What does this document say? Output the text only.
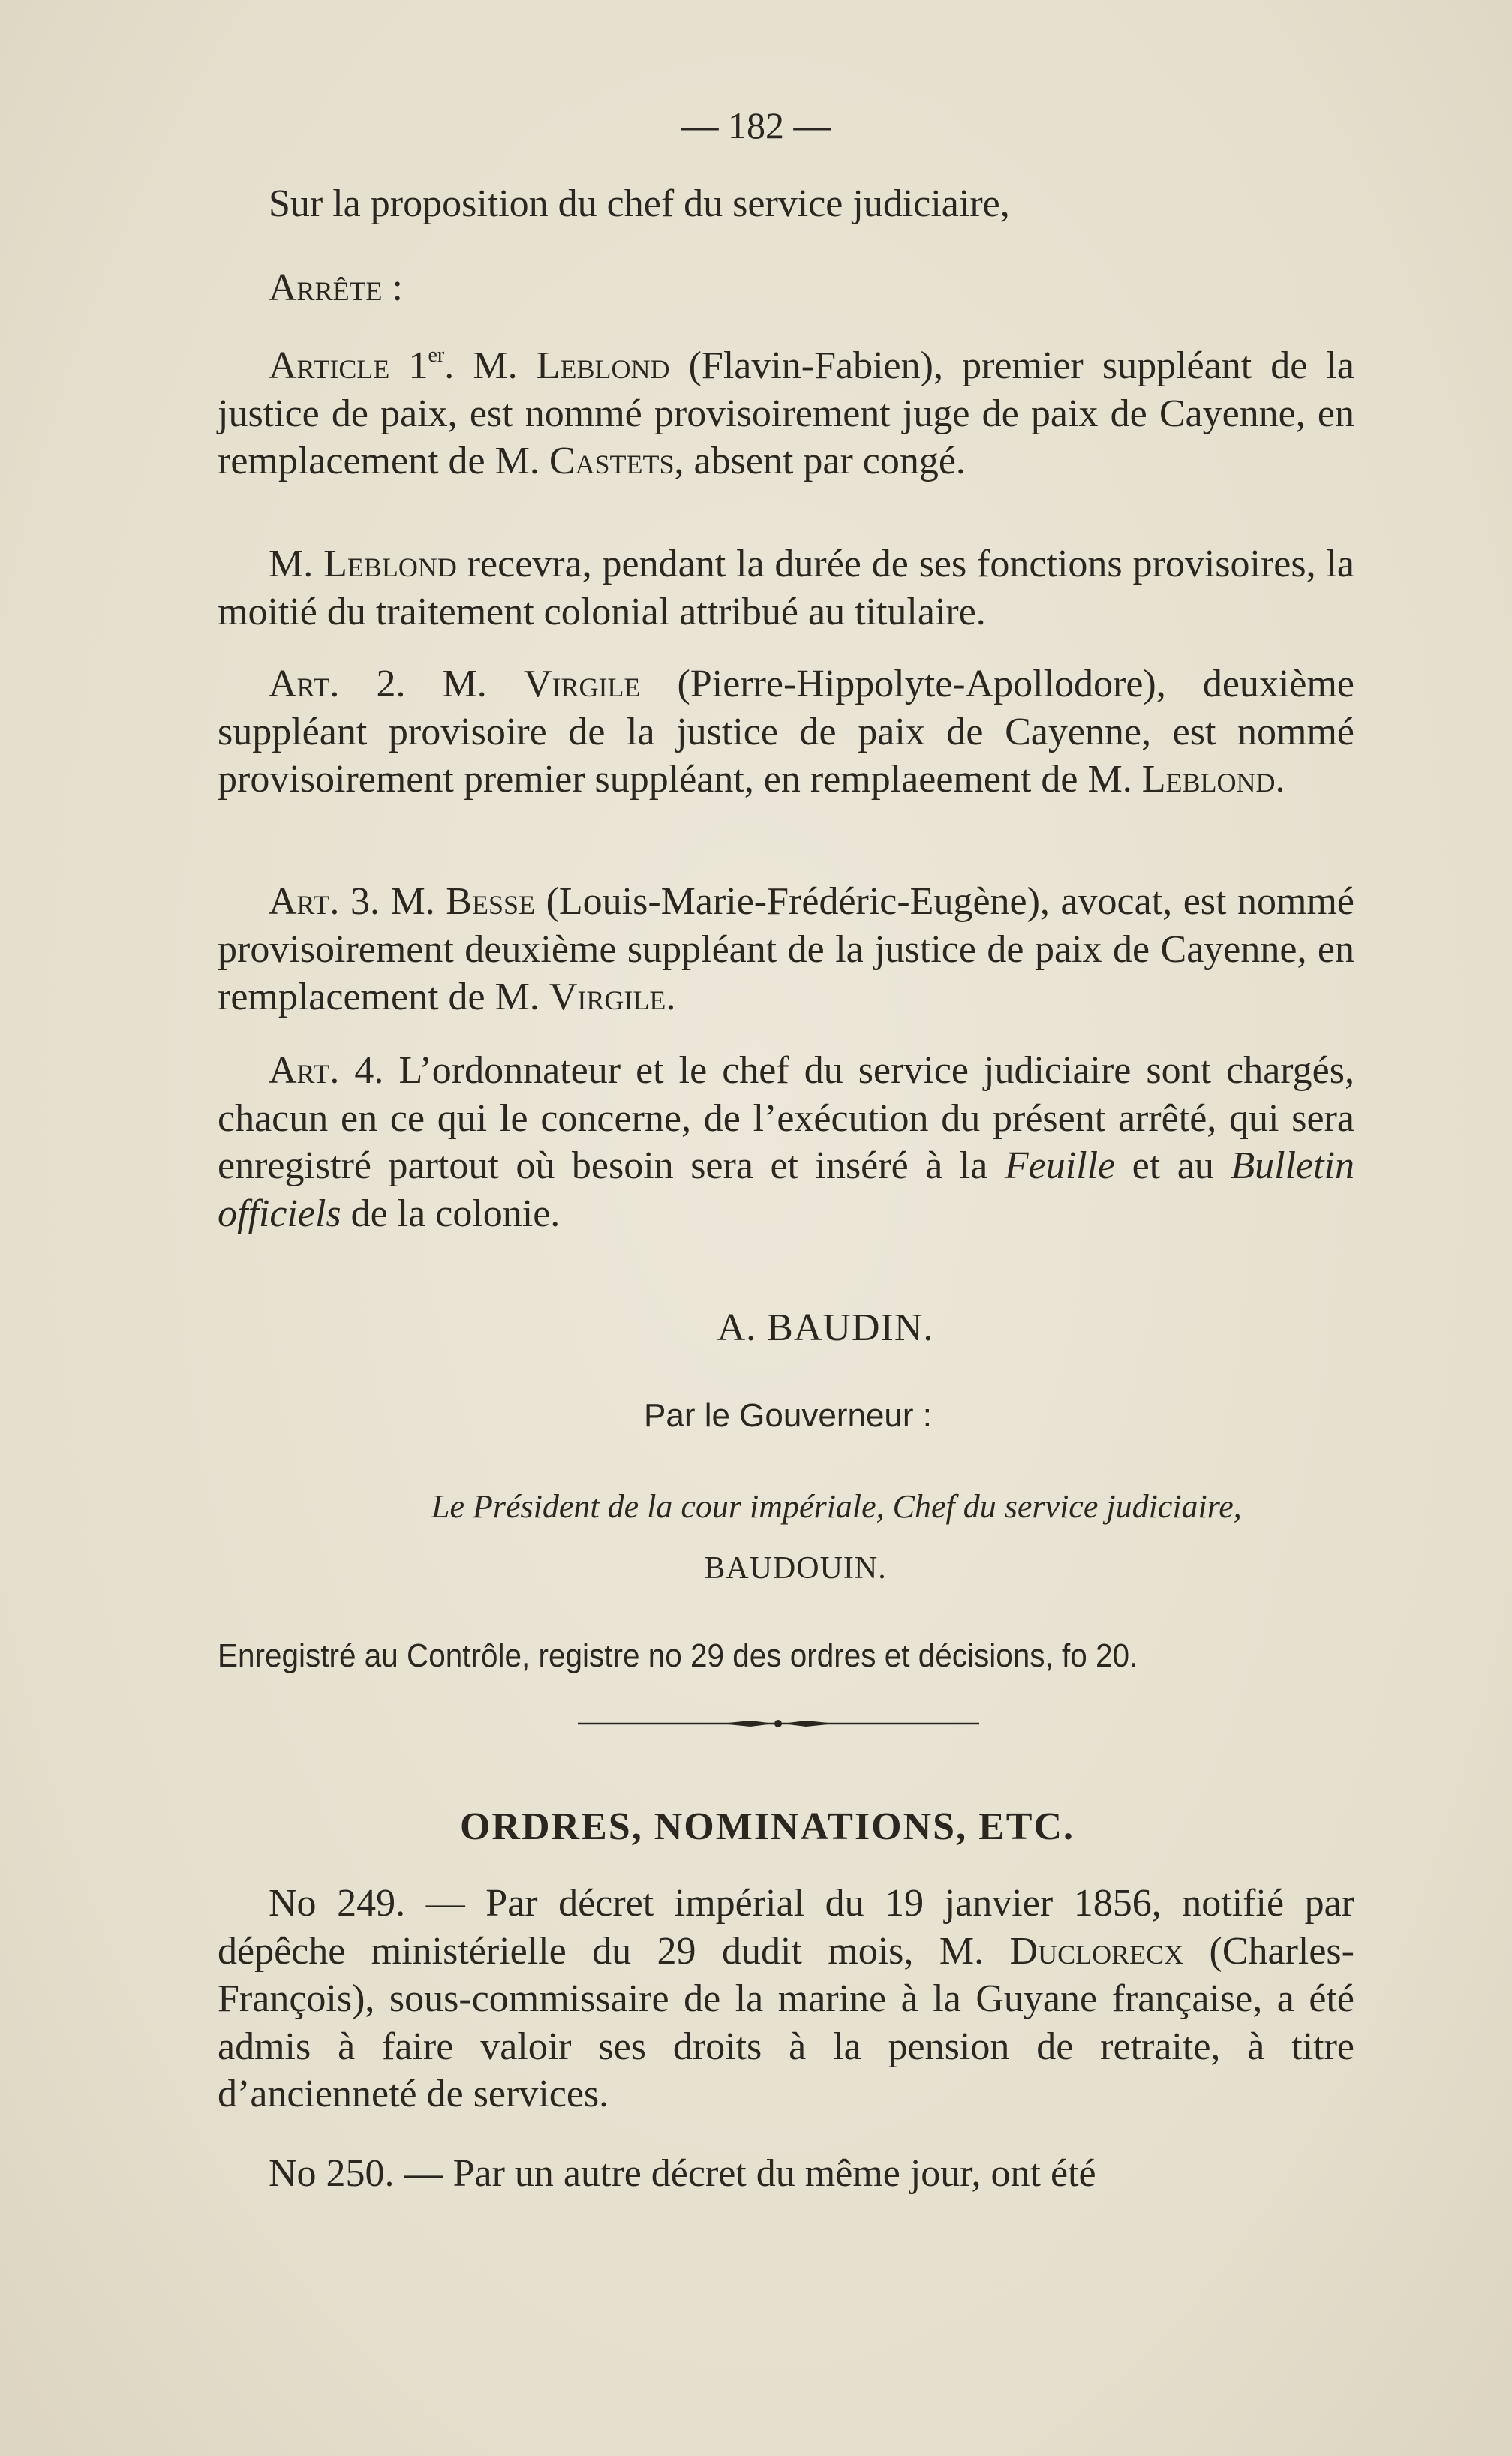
— 182 —

Sur la proposition du chef du service judiciaire,

Arrête :

Article 1er. M. Leblond (Flavin-Fabien), premier suppléant de la justice de paix, est nommé provisoirement juge de paix de Cayenne, en remplacement de M. Castets, absent par congé.

M. Leblond recevra, pendant la durée de ses fonctions provisoires, la moitié du traitement colonial attribué au titulaire.

Art. 2. M. Virgile (Pierre-Hippolyte-Apollodore), deuxième suppléant provisoire de la justice de paix de Cayenne, est nommé provisoirement premier suppléant, en remplaeement de M. Leblond.

Art. 3. M. Besse (Louis-Marie-Frédéric-Eugène), avocat, est nommé provisoirement deuxième suppléant de la justice de paix de Cayenne, en remplacement de M. Virgile.

Art. 4. L’ordonnateur et le chef du service judiciaire sont chargés, chacun en ce qui le concerne, de l’exécution du présent arrêté, qui sera enregistré partout où besoin sera et inséré à la Feuille et au Bulletin officiels de la colonie.

A. BAUDIN.
Par le Gouverneur :
Le Président de la cour impériale, Chef du service judiciaire,
BAUDOUIN.
Enregistré au Contrôle, registre no 29 des ordres et décisions, fo 20.
ORDRES, NOMINATIONS, ETC.

No 249. — Par décret impérial du 19 janvier 1856, notifié par dépêche ministérielle du 29 dudit mois, M. Duclorecx (Charles-François), sous-commissaire de la marine à la Guyane française, a été admis à faire valoir ses droits à la pension de retraite, à titre d’ancienneté de services.

No 250. — Par un autre décret du même jour, ont été
